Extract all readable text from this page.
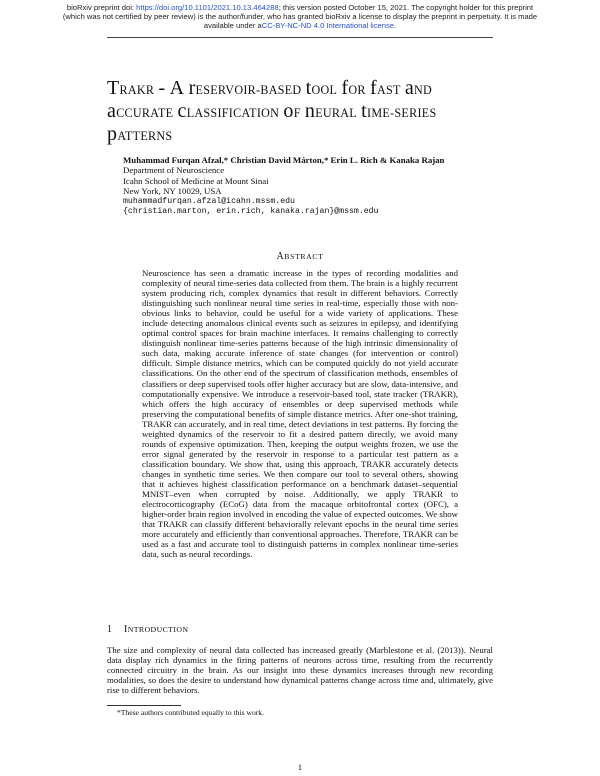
bioRxiv preprint doi: https://doi.org/10.1101/2021.10.13.464288; this version posted October 15, 2021. The copyright holder for this preprint
(which was not certified by peer review) is the author/funder, who has granted bioRxiv a license to display the preprint in perpetuity. It is made
available under aCC-BY-NC-ND 4.0 International license.
TRAKR - A rESERVOIR-BASED tOOL fOR fAST aND
aCCURATE cLASSIFICATION oF nEURAL tIME-SERIES
pATTERNS
Muhammad Furqan Afzal,* Christian David Márton,* Erin L. Rich & Kanaka Rajan
Department of Neuroscience
Icahn School of Medicine at Mount Sinai
New York, NY 10029, USA
muhammadfurqan.afzal@icahn.mssm.edu
{christian.marton, erin.rich, kanaka.rajan}@mssm.edu
ABSTRACT
Neuroscience has seen a dramatic increase in the types of recording modalities and complexity of neural time-series data collected from them. The brain is a highly recurrent system producing rich, complex dynamics that result in different behaviors. Correctly distinguishing such nonlinear neural time series in real-time, especially those with non-obvious links to behavior, could be useful for a wide variety of applications. These include detecting anomalous clinical events such as seizures in epilepsy, and identifying optimal control spaces for brain machine interfaces. It remains challenging to correctly distinguish nonlinear time-series patterns because of the high intrinsic dimensionality of such data, making accurate inference of state changes (for intervention or control) difficult. Simple distance metrics, which can be computed quickly do not yield accurate classifications. On the other end of the spectrum of classification methods, ensembles of classifiers or deep supervised tools offer higher accuracy but are slow, data-intensive, and computationally expensive. We introduce a reservoir-based tool, state tracker (TRAKR), which offers the high accuracy of ensembles or deep supervised methods while preserving the computational benefits of simple distance metrics. After one-shot training, TRAKR can accurately, and in real time, detect deviations in test patterns. By forcing the weighted dynamics of the reservoir to fit a desired pattern directly, we avoid many rounds of expensive optimization. Then, keeping the output weights frozen, we use the error signal generated by the reservoir in response to a particular test pattern as a classification boundary. We show that, using this approach, TRAKR accurately detects changes in synthetic time series. We then compare our tool to several others, showing that it achieves highest classification performance on a benchmark dataset–sequential MNIST–even when corrupted by noise. Additionally, we apply TRAKR to electrocorticography (ECoG) data from the macaque orbitofrontal cortex (OFC), a higher-order brain region involved in encoding the value of expected outcomes. We show that TRAKR can classify different behaviorally relevant epochs in the neural time series more accurately and efficiently than conventional approaches. Therefore, TRAKR can be used as a fast and accurate tool to distinguish patterns in complex nonlinear time-series data, such as neural recordings.
1 INTRODUCTION
The size and complexity of neural data collected has increased greatly (Marblestone et al. (2013)). Neural data display rich dynamics in the firing patterns of neurons across time, resulting from the recurrently connected circuitry in the brain. As our insight into these dynamics increases through new recording modalities, so does the desire to understand how dynamical patterns change across time and, ultimately, give rise to different behaviors.
*These authors contributed equally to this work.
1
